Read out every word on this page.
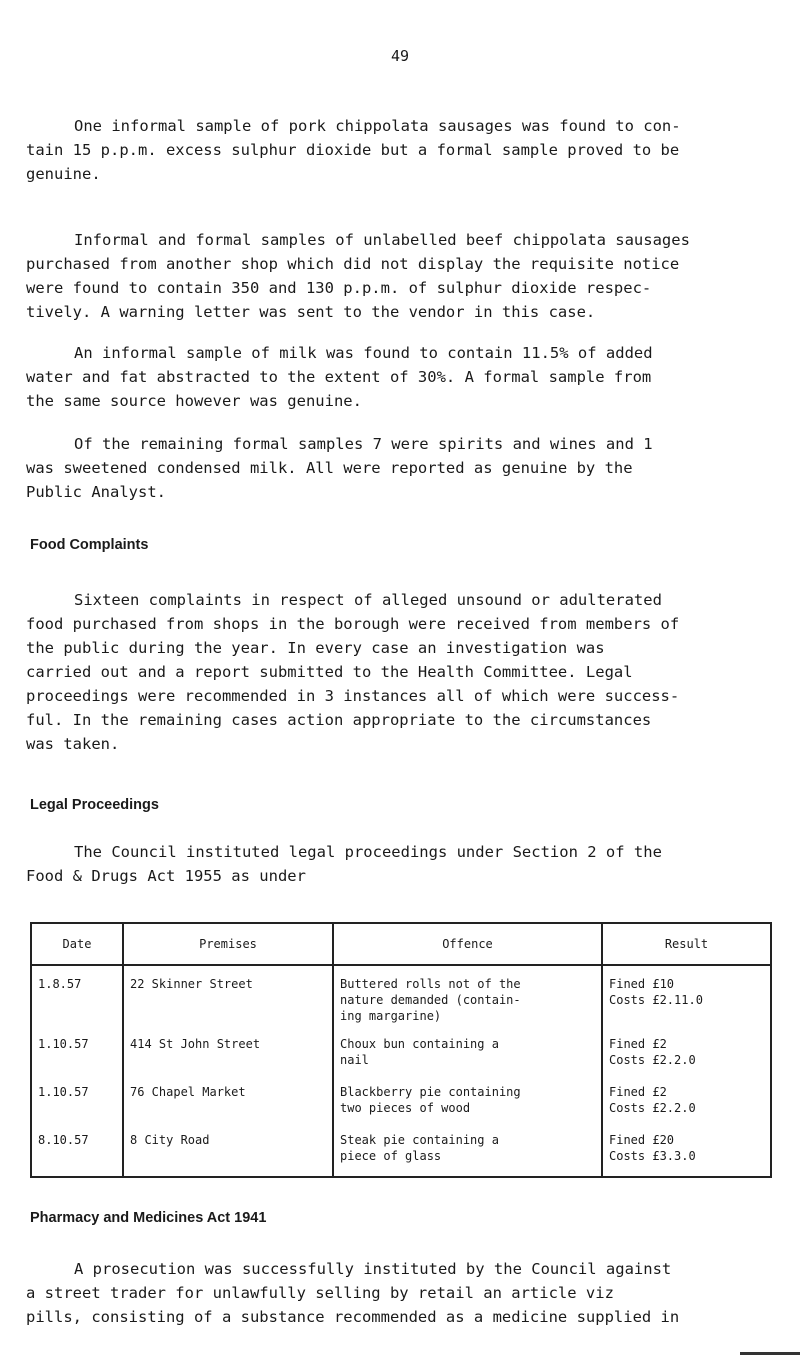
49

One informal sample of pork chippolata sausages was found to con-
tain 15 p.p.m. excess sulphur dioxide but a formal sample proved to be
genuine.

Informal and formal samples of unlabelled beef chippolata sausages
purchased from another shop which did not display the requisite notice
were found to contain 350 and 130 p.p.m. of sulphur dioxide respec-
tively. A warning letter was sent to the vendor in this case.

An informal sample of milk was found to contain 11.5% of added
water and fat abstracted to the extent of 30%. A formal sample from
the same source however was genuine.

Of the remaining formal samples 7 were spirits and wines and 1
was sweetened condensed milk. All were reported as genuine by the
Public Analyst.

Food Complaints

Sixteen complaints in respect of alleged unsound or adulterated
food purchased from shops in the borough were received from members of
the public during the year. In every case an investigation was
carried out and a report submitted to the Health Committee. Legal
proceedings were recommended in 3 instances all of which were success-
ful. In the remaining cases action appropriate to the circumstances
was taken.

Legal Proceedings

The Council instituted legal proceedings under Section 2 of the
Food & Drugs Act 1955 as under

Date	Premises	Offence	Result
1.8.57	22 Skinner Street	Buttered rolls not of the
nature demanded (contain-
ing margarine)	Fined £10
Costs £2.11.0
1.10.57	414 St John Street	Choux bun containing a
nail	Fined £2
Costs £2.2.0
1.10.57	76 Chapel Market	Blackberry pie containing
two pieces of wood	Fined £2
Costs £2.2.0
8.10.57	8 City Road	Steak pie containing a
piece of glass	Fined £20
Costs £3.3.0
Pharmacy and Medicines Act 1941

A prosecution was successfully instituted by the Council against
a street trader for unlawfully selling by retail an article viz
pills, consisting of a substance recommended as a medicine supplied in
